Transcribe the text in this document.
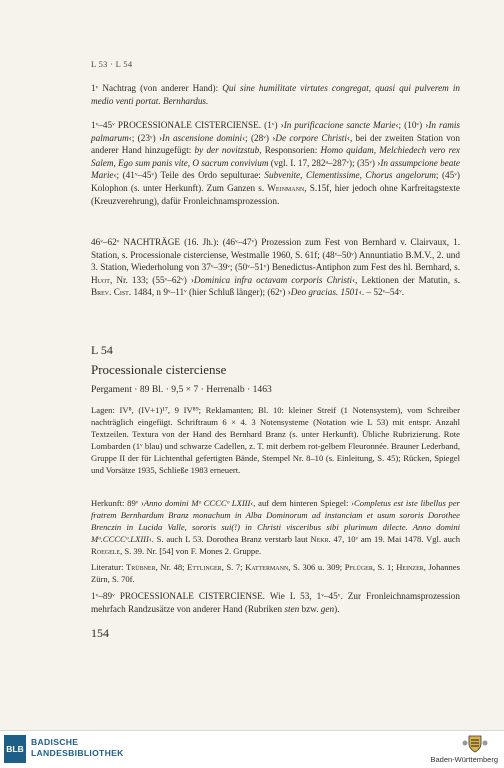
L 53 · L 54
1ᵛ Nachtrag (von anderer Hand): Qui sine humilitate virtutes congregat, quasi qui pulverem in medio venti portat. Bernhardus.
1ᵛ–45ᵛ PROCESSIONALE CISTERCIENSE. (1ᵛ) ›In purificacione sancte Marie‹; (10ᵛ) ›In ramis palmarum‹; (23ᵛ) ›In ascensione domini‹; (28ᵛ) ›De corpore Christi‹, bei der zweiten Station von anderer Hand hinzugefügt: by der novitzstub, Responsorien: Homo quidam, Melchiedech vero rex Salem, Ego sum panis vite, O sacrum convivium (vgl. I. 17, 282ᵃ–287ᵛ); (35ᵛ) ›In assumpcione beate Marie‹; (41ᵛ–45ᵛ) Teile des Ordo sepulturae: Subvenite, Clementissime, Chorus angelorum; (45ᵛ) Kolophon (s. unter Herkunft). Zum Ganzen s. Weinmann, S.15f, hier jedoch ohne Karfreitagstexte (Kreuzverehrung), dafür Fronleichnamsprozession.
46ᵛ–62ᵛ NACHTRÄGE (16. Jh.): (46ᵛ–47ᵛ) Prozession zum Fest von Bernhard v. Clairvaux, 1. Station, s. Processionale cisterciense, Westmalle 1960, S. 61f; (48ᵛ–50ᵛ) Annuntiatio B.M.V., 2. und 3. Station, Wiederholung von 37ᵛ–39ᵛ; (50ᵛ–51ᵛ) Benedictus-Antiphon zum Fest des hl. Bernhard, s. Huot, Nr. 133; (55ᵛ–62ᵛ) ›Dominica infra octavam corporis Christi‹, Lektionen der Matutin, s. Brev. Cist. 1484, n 9ᵛ–11ᵛ (hier Schluß länger); (62ᵛ) ›Deo gracias. 1501‹. – 52ᵛ–54ᵛ.
L 54
Processionale cisterciense
Pergament · 89 Bl. · 9,5 × 7 · Herrenalb · 1463
Lagen: IV⁸, (IV+1)¹⁷, 9 IV⁸⁹; Reklamanten; Bl. 10: kleiner Streif (1 Notensystem), vom Schreiber nachträglich eingefügt. Schriftraum 6 × 4. 3 Notensysteme (Notation wie L 53) mit entspr. Anzahl Textzeilen. Textura von der Hand des Bernhard Branz (s. unter Herkunft). Übliche Rubrizierung. Rote Lombarden (1ᵛ blau) und schwarze Cadellen, z. T. mit derbem rot-gelbem Fleuronnée. Brauner Lederband, Gruppe II der für Lichtenthal gefertigten Bände, Stempel Nr. 8–10 (s. Einleitung, S. 45); Rücken, Spiegel und Vorsätze 1935, Schließe 1983 erneuert.
Herkunft: 89ᵛ ›Anno domini Mᵒ CCCCᵒ LXIII‹, auf dem hinteren Spiegel: ›Completus est iste libellus per fratrem Bernhardum Branz monachum in Alba Dominorum ad instanciam et usum sororis Dorothee Brenczin in Lucida Valle, sororis sui(!) in Christi visceribus sibi plurimum dilecte. Anno domini Mᵒ.CCCCᵒ.LXIII‹. S. auch L 53. Dorothea Branz verstarb laut Nekr. 47, 10ᵛ am 19. Mai 1478. Vgl. auch Roegele, S. 39. Nr. [54] von F. Mones 2. Gruppe.
Literatur: Trübner, Nr. 48; Ettlinger, S. 7; Kattermann, S. 306 u. 309; Pflüger, S. 1; Heinzer, Johannes Zürn, S. 70f.
1ᵛ–89ᵛ PROCESSIONALE CISTERCIENSE. Wie L 53, 1ᵛ–45ᵛ. Zur Fronleichnamsprozession mehrfach Randzusätze von anderer Hand (Rubriken sten bzw. gen).
154
BLB
BADISCHE
LANDESBIBLIOTHEK
Baden-Württemberg
